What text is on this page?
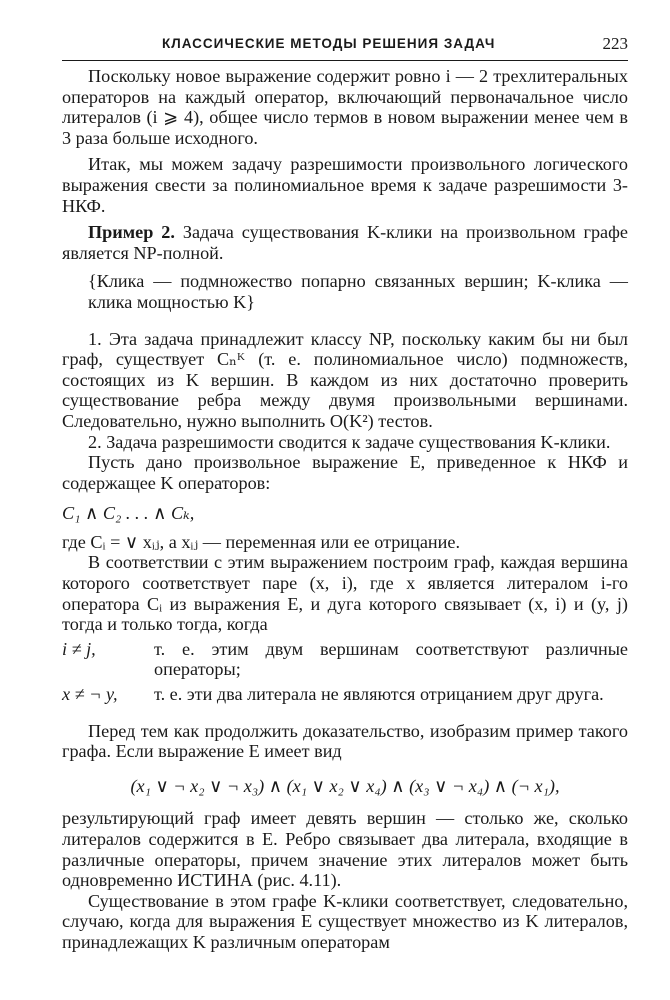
КЛАССИЧЕСКИЕ МЕТОДЫ РЕШЕНИЯ ЗАДАЧ	223

Поскольку новое выражение содержит ровно i — 2 трехлитеральных операторов на каждый оператор, включающий первоначальное число литералов (i ⩾ 4), общее число термов в новом выражении менее чем в 3 раза больше исходного.

Итак, мы можем задачу разрешимости произвольного логического выражения свести за полиномиальное время к задаче разрешимости 3-НКФ.

Пример 2. Задача существования K-клики на произвольном графе является NP-полной.

{Клика — подмножество попарно связанных вершин; K-клика — клика мощностью K}

1. Эта задача принадлежит классу NP, поскольку каким бы ни был граф, существует Cₙᴷ (т. е. полиномиальное число) подмножеств, состоящих из K вершин. В каждом из них достаточно проверить существование ребра между двумя произвольными вершинами. Следовательно, нужно выполнить O(K²) тестов.

2. Задача разрешимости сводится к задаче существования K-клики.

Пусть дано произвольное выражение E, приведенное к НКФ и содержащее K операторов:

C₁ ∧ C₂ . . . ∧ Cₖ,

где Cᵢ = ∨ xᵢⱼ, а xᵢⱼ — переменная или ее отрицание.

В соответствии с этим выражением построим граф, каждая вершина которого соответствует паре (x, i), где x является литералом i-го оператора Cᵢ из выражения E, и дуга которого связывает (x, i) и (y, j) тогда и только тогда, когда

i ≠ j,	т. е. этим двум вершинам соответствуют различные операторы;
x ≠ ¬ y,	т. е. эти два литерала не являются отрицанием друг друга.

Перед тем как продолжить доказательство, изобразим пример такого графа. Если выражение E имеет вид

(x₁ ∨ ¬ x₂ ∨ ¬ x₃) ∧ (x₁ ∨ x₂ ∨ x₄) ∧ (x₃ ∨ ¬ x₄) ∧ (¬ x₁),

результирующий граф имеет девять вершин — столько же, сколько литералов содержится в E. Ребро связывает два литерала, входящие в различные операторы, причем значение этих литералов может быть одновременно ИСТИНА (рис. 4.11).

Существование в этом графе K-клики соответствует, следовательно, случаю, когда для выражения E существует множество из K литералов, принадлежащих K различным операторам
